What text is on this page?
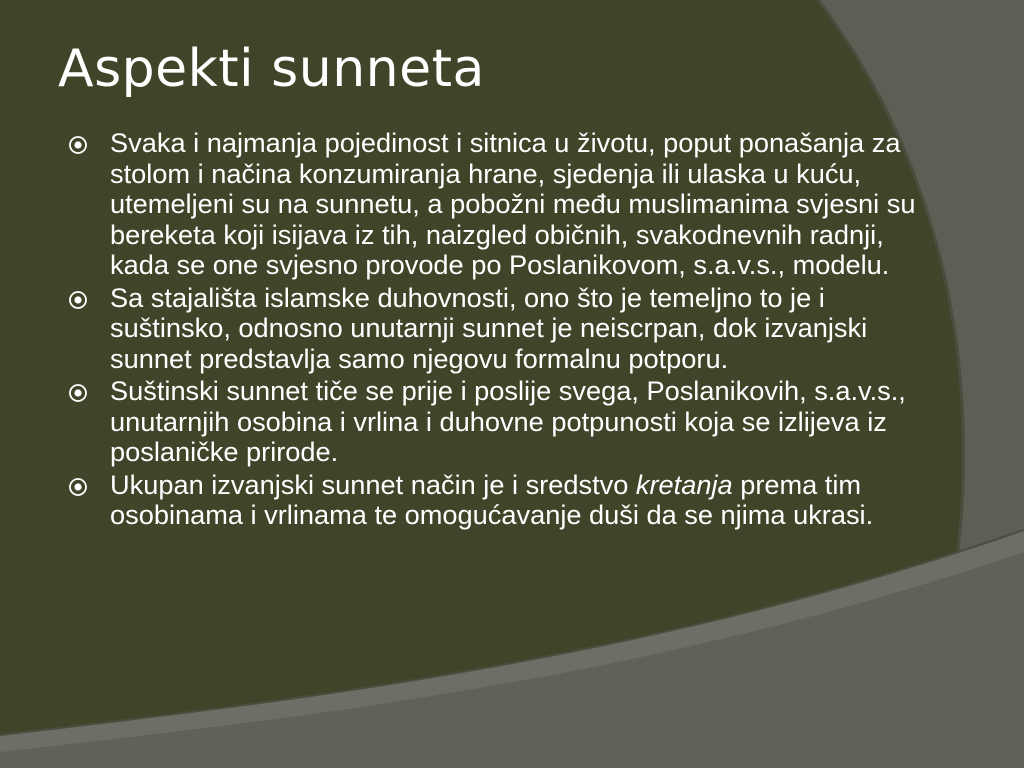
Aspekti sunneta
Svaka i najmanja pojedinost i sitnica u životu, poput ponašanja za stolom i načina konzumiranja hrane, sjedenja ili ulaska u kuću, utemeljeni su na sunnetu, a pobožni među muslimanima svjesni su bereketa koji isijava iz tih, naizgled običnih, svakodnevnih radnji, kada se one svjesno provode po Poslanikovom, s.a.v.s., modelu.
Sa stajališta islamske duhovnosti, ono što je temeljno to je i suštinsko, odnosno unutarnji sunnet je neiscrpan, dok izvanjski sunnet predstavlja samo njegovu formalnu potporu.
Suštinski sunnet tiče se prije i poslije svega, Poslanikovih, s.a.v.s., unutarnjih osobina i vrlina i duhovne potpunosti koja se izlijeva iz poslaničke prirode.
Ukupan izvanjski sunnet način je i sredstvo kretanja prema tim osobinama i vrlinama te omogućavanje duši da se njima ukrasi.
